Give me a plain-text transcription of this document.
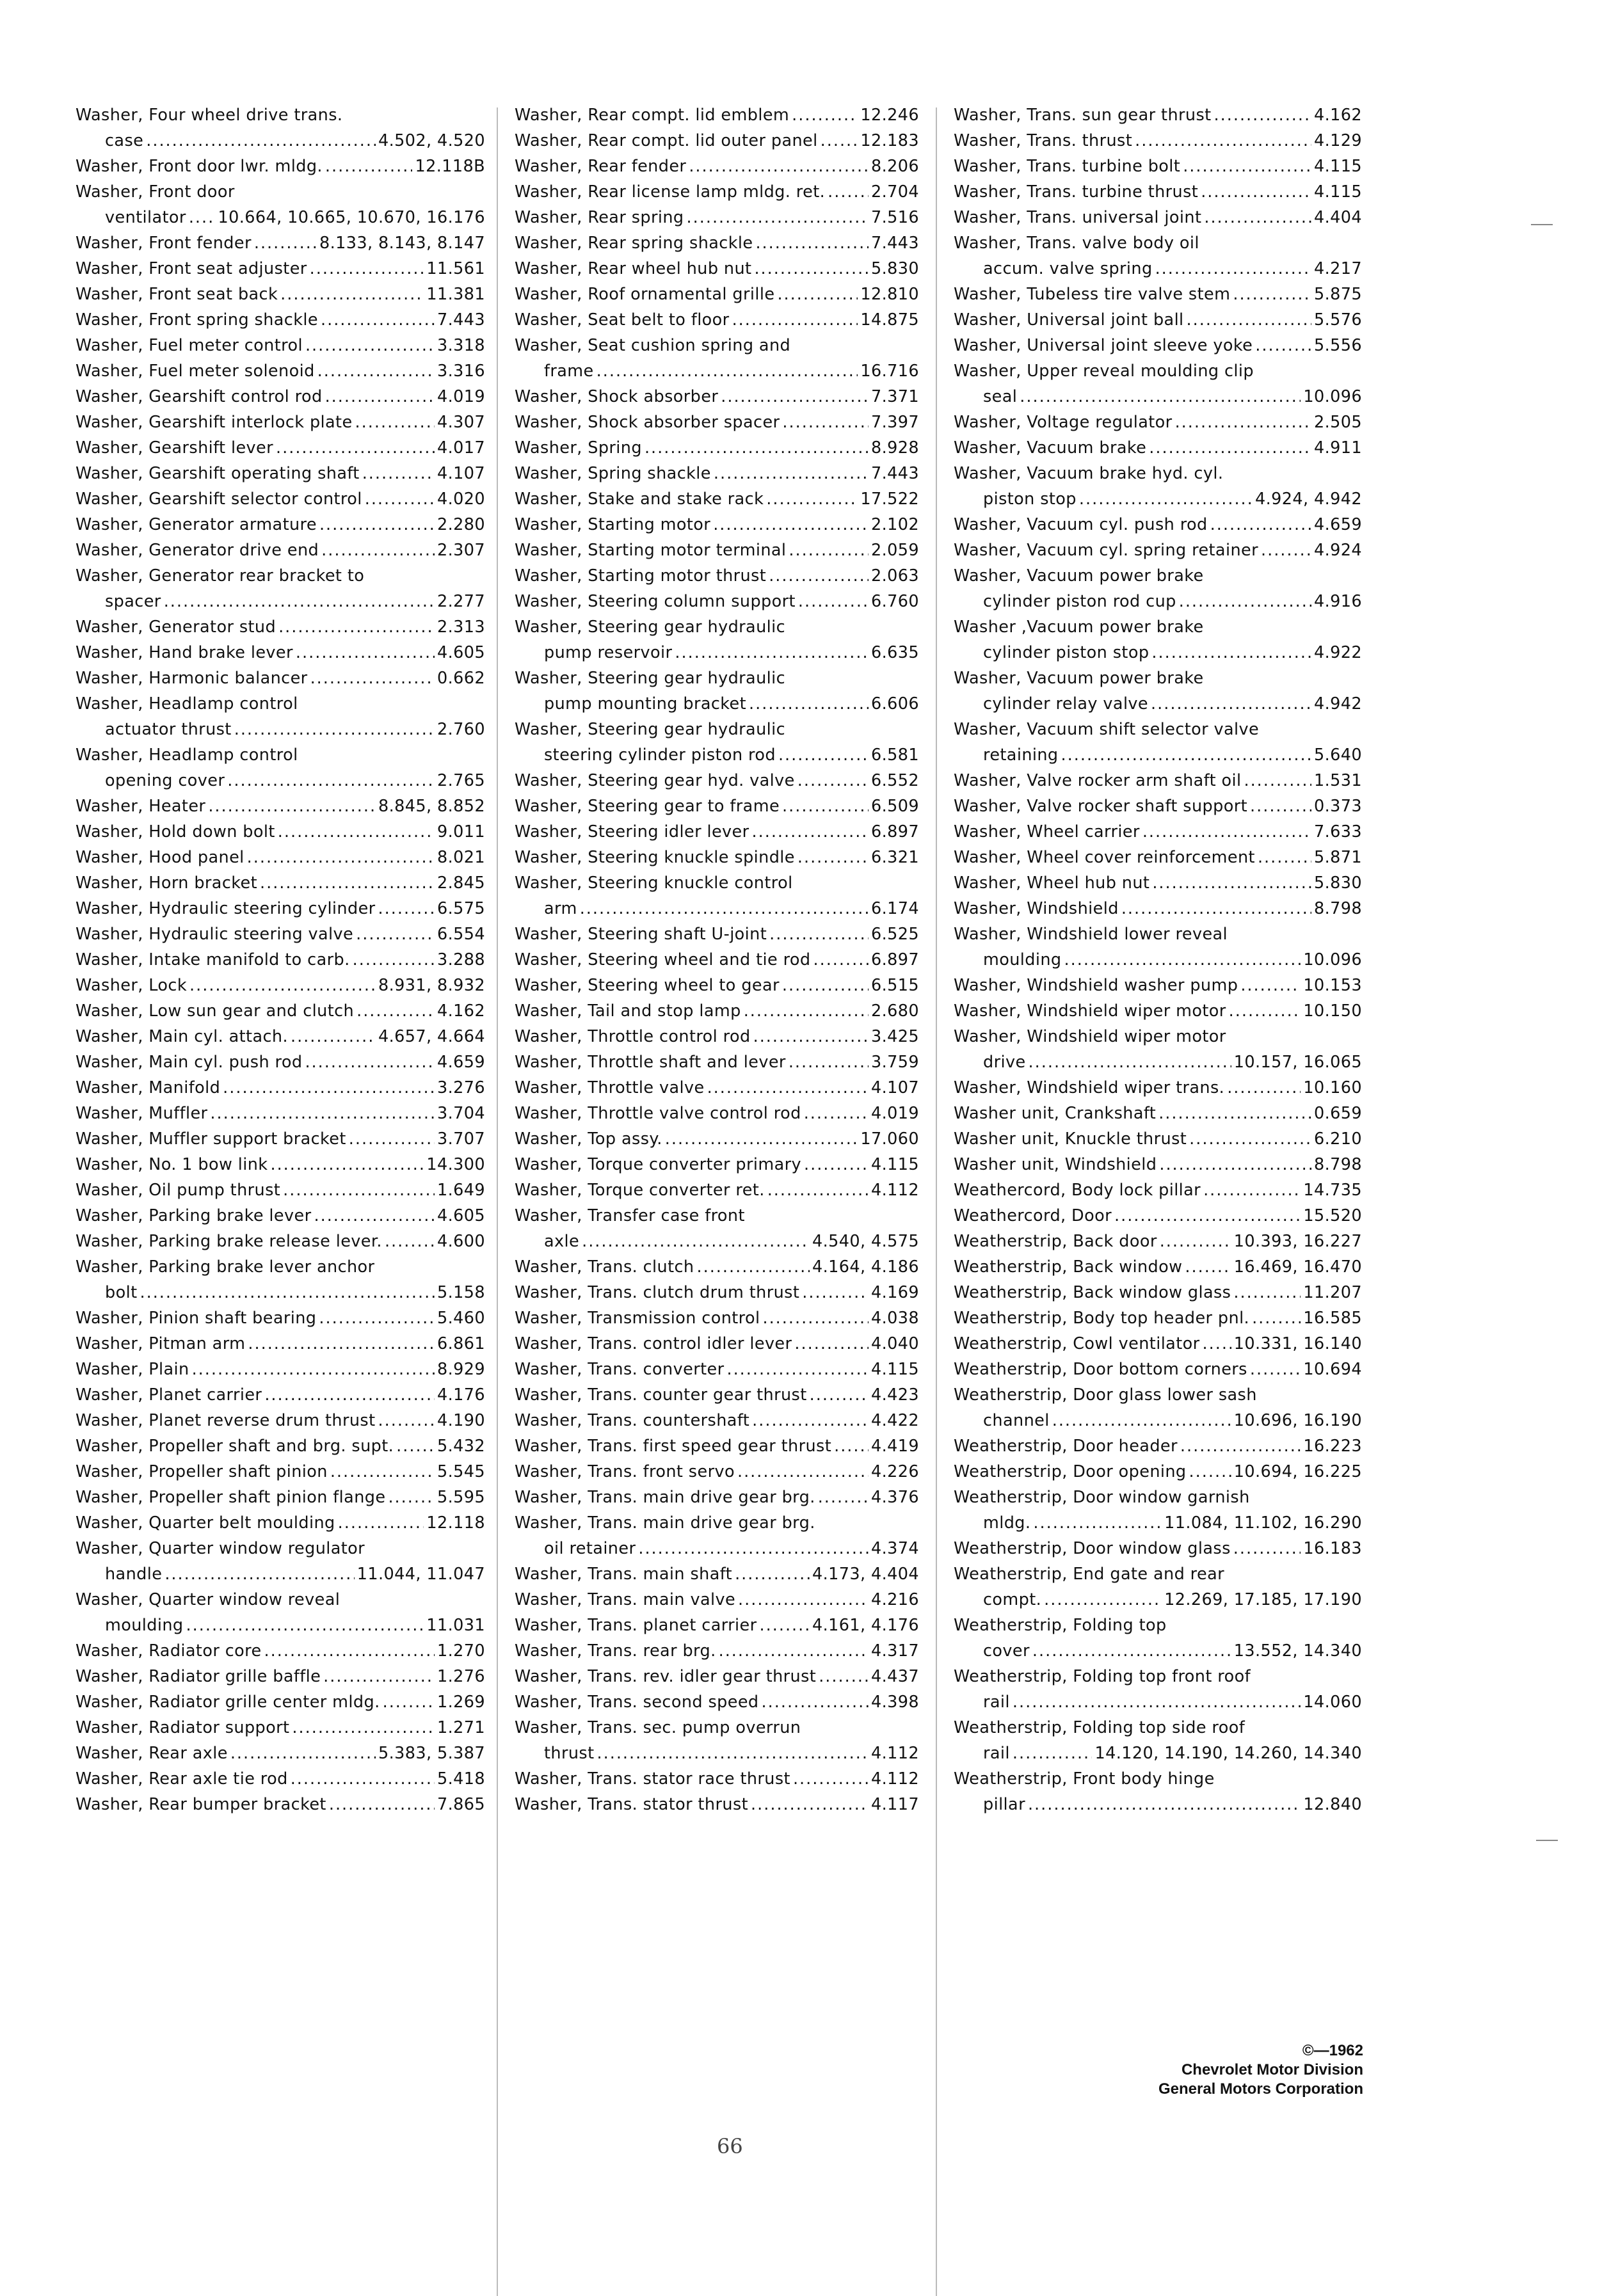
Washer, Four wheel drive trans.
case .....	4.502, 4.520
Washer, Front door lwr. mldg. .....	12.118B
Washer, Front door
ventilator ..... 10.664, 10.665, 10.670, 16.176
Washer, Front fender .....	8.133, 8.143, 8.147
Washer, Front seat adjuster .....	11.561
Washer, Front seat back .....	11.381
Washer, Front spring shackle .....	7.443
Washer, Fuel meter control .....	3.318
Washer, Fuel meter solenoid .....	3.316
Washer, Gearshift control rod .....	4.019
Washer, Gearshift interlock plate .....	4.307
Washer, Gearshift lever .....	4.017
Washer, Gearshift operating shaft .....	4.107
Washer, Gearshift selector control .....	4.020
Washer, Generator armature .....	2.280
Washer, Generator drive end .....	2.307
Washer, Generator rear bracket to
spacer .....	2.277
Washer, Generator stud .....	2.313
Washer, Hand brake lever .....	4.605
Washer, Harmonic balancer .....	0.662
Washer, Headlamp control
actuator thrust .....	2.760
Washer, Headlamp control
opening cover .....	2.765
Washer, Heater .....	8.845, 8.852
Washer, Hold down bolt .....	9.011
Washer, Hood panel .....	8.021
Washer, Horn bracket .....	2.845
Washer, Hydraulic steering cylinder .....	6.575
Washer, Hydraulic steering valve .....	6.554
Washer, Intake manifold to carb. .....	3.288
Washer, Lock .....	8.931, 8.932
Washer, Low sun gear and clutch .....	4.162
Washer, Main cyl. attach. .....	4.657, 4.664
Washer, Main cyl. push rod .....	4.659
Washer, Manifold .....	3.276
Washer, Muffler .....	3.704
Washer, Muffler support bracket .....	3.707
Washer, No. 1 bow link .....	14.300
Washer, Oil pump thrust .....	1.649
Washer, Parking brake lever .....	4.605
Washer, Parking brake release lever. .....	4.600
Washer, Parking brake lever anchor
bolt .....	5.158
Washer, Pinion shaft bearing .....	5.460
Washer, Pitman arm .....	6.861
Washer, Plain .....	8.929
Washer, Planet carrier .....	4.176
Washer, Planet reverse drum thrust .....	4.190
Washer, Propeller shaft and brg. supt. .....	5.432
Washer, Propeller shaft pinion .....	5.545
Washer, Propeller shaft pinion flange .....	5.595
Washer, Quarter belt moulding .....	12.118
Washer, Quarter window regulator
handle .....	11.044, 11.047
Washer, Quarter window reveal
moulding .....	11.031
Washer, Radiator core .....	1.270
Washer, Radiator grille baffle .....	1.276
Washer, Radiator grille center mldg. .....	1.269
Washer, Radiator support .....	1.271
Washer, Rear axle .....	5.383, 5.387
Washer, Rear axle tie rod .....	5.418
Washer, Rear bumper bracket .....	7.865
Washer, Rear compt. lid emblem .....	12.246
Washer, Rear compt. lid outer panel .....	12.183
Washer, Rear fender .....	8.206
Washer, Rear license lamp mldg. ret. .....	2.704
Washer, Rear spring .....	7.516
Washer, Rear spring shackle .....	7.443
Washer, Rear wheel hub nut .....	5.830
Washer, Roof ornamental grille .....	12.810
Washer, Seat belt to floor .....	14.875
Washer, Seat cushion spring and
frame .....	16.716
Washer, Shock absorber .....	7.371
Washer, Shock absorber spacer .....	7.397
Washer, Spring .....	8.928
Washer, Spring shackle .....	7.443
Washer, Stake and stake rack .....	17.522
Washer, Starting motor .....	2.102
Washer, Starting motor terminal .....	2.059
Washer, Starting motor thrust .....	2.063
Washer, Steering column support .....	6.760
Washer, Steering gear hydraulic
pump reservoir .....	6.635
Washer, Steering gear hydraulic
pump mounting bracket .....	6.606
Washer, Steering gear hydraulic
steering cylinder piston rod .....	6.581
Washer, Steering gear hyd. valve .....	6.552
Washer, Steering gear to frame .....	6.509
Washer, Steering idler lever .....	6.897
Washer, Steering knuckle spindle .....	6.321
Washer, Steering knuckle control
arm .....	6.174
Washer, Steering shaft U-joint .....	6.525
Washer, Steering wheel and tie rod .....	6.897
Washer, Steering wheel to gear .....	6.515
Washer, Tail and stop lamp .....	2.680
Washer, Throttle control rod .....	3.425
Washer, Throttle shaft and lever .....	3.759
Washer, Throttle valve .....	4.107
Washer, Throttle valve control rod .....	4.019
Washer, Top assy. .....	17.060
Washer, Torque converter primary .....	4.115
Washer, Torque converter ret. .....	4.112
Washer, Transfer case front
axle .....	4.540, 4.575
Washer, Trans. clutch .....	4.164, 4.186
Washer, Trans. clutch drum thrust .....	4.169
Washer, Transmission control .....	4.038
Washer, Trans. control idler lever .....	4.040
Washer, Trans. converter .....	4.115
Washer, Trans. counter gear thrust .....	4.423
Washer, Trans. countershaft .....	4.422
Washer, Trans. first speed gear thrust ..... 4.419
Washer, Trans. front servo .....	4.226
Washer, Trans. main drive gear brg. .....	4.376
Washer, Trans. main drive gear brg.
oil retainer .....	4.374
Washer, Trans. main shaft .....	4.173, 4.404
Washer, Trans. main valve .....	4.216
Washer, Trans. planet carrier .....	4.161, 4.176
Washer, Trans. rear brg. .....	4.317
Washer, Trans. rev. idler gear thrust .....	4.437
Washer, Trans. second speed .....	4.398
Washer, Trans. sec. pump overrun
thrust .....	4.112
Washer, Trans. stator race thrust .....	4.112
Washer, Trans. stator thrust .....	4.117
Washer, Trans. sun gear thrust .....	4.162
Washer, Trans. thrust .....	4.129
Washer, Trans. turbine bolt .....	4.115
Washer, Trans. turbine thrust .....	4.115
Washer, Trans. universal joint .....	4.404
Washer, Trans. valve body oil
accum. valve spring .....	4.217
Washer, Tubeless tire valve stem .....	5.875
Washer, Universal joint ball .....	5.576
Washer, Universal joint sleeve yoke .....	5.556
Washer, Upper reveal moulding clip
seal .....	10.096
Washer, Voltage regulator .....	2.505
Washer, Vacuum brake .....	4.911
Washer, Vacuum brake hyd. cyl.
piston stop .....	4.924, 4.942
Washer, Vacuum cyl. push rod .....	4.659
Washer, Vacuum cyl. spring retainer .....	4.924
Washer, Vacuum power brake
cylinder piston rod cup .....	4.916
Washer ,Vacuum power brake
cylinder piston stop .....	4.922
Washer, Vacuum power brake
cylinder relay valve .....	4.942
Washer, Vacuum shift selector valve
retaining .....	5.640
Washer, Valve rocker arm shaft oil .....	1.531
Washer, Valve rocker shaft support .....	0.373
Washer, Wheel carrier .....	7.633
Washer, Wheel cover reinforcement .....	5.871
Washer, Wheel hub nut .....	5.830
Washer, Windshield .....	8.798
Washer, Windshield lower reveal
moulding .....	10.096
Washer, Windshield washer pump .....	10.153
Washer, Windshield wiper motor .....	10.150
Washer, Windshield wiper motor
drive .....	10.157, 16.065
Washer, Windshield wiper trans. .....	10.160
Washer unit, Crankshaft .....	0.659
Washer unit, Knuckle thrust .....	6.210
Washer unit, Windshield .....	8.798
Weathercord, Body lock pillar .....	14.735
Weathercord, Door .....	15.520
Weatherstrip, Back door .....	10.393, 16.227
Weatherstrip, Back window .....	16.469, 16.470
Weatherstrip, Back window glass .....	11.207
Weatherstrip, Body top header pnl. .....	16.585
Weatherstrip, Cowl ventilator ..... 10.331, 16.140
Weatherstrip, Door bottom corners .....	10.694
Weatherstrip, Door glass lower sash
channel .....	10.696, 16.190
Weatherstrip, Door header .....	16.223
Weatherstrip, Door opening .....	10.694, 16.225
Weatherstrip, Door window garnish
mldg. .....	11.084, 11.102, 16.290
Weatherstrip, Door window glass .....	16.183
Weatherstrip, End gate and rear
compt. .....	12.269, 17.185, 17.190
Weatherstrip, Folding top
cover .....	13.552, 14.340
Weatherstrip, Folding top front roof
rail .....	14.060
Weatherstrip, Folding top side roof
rail .....	14.120, 14.190, 14.260, 14.340
Weatherstrip, Front body hinge
pillar .....	12.840
66
©—1962
Chevrolet Motor Division
General Motors Corporation
